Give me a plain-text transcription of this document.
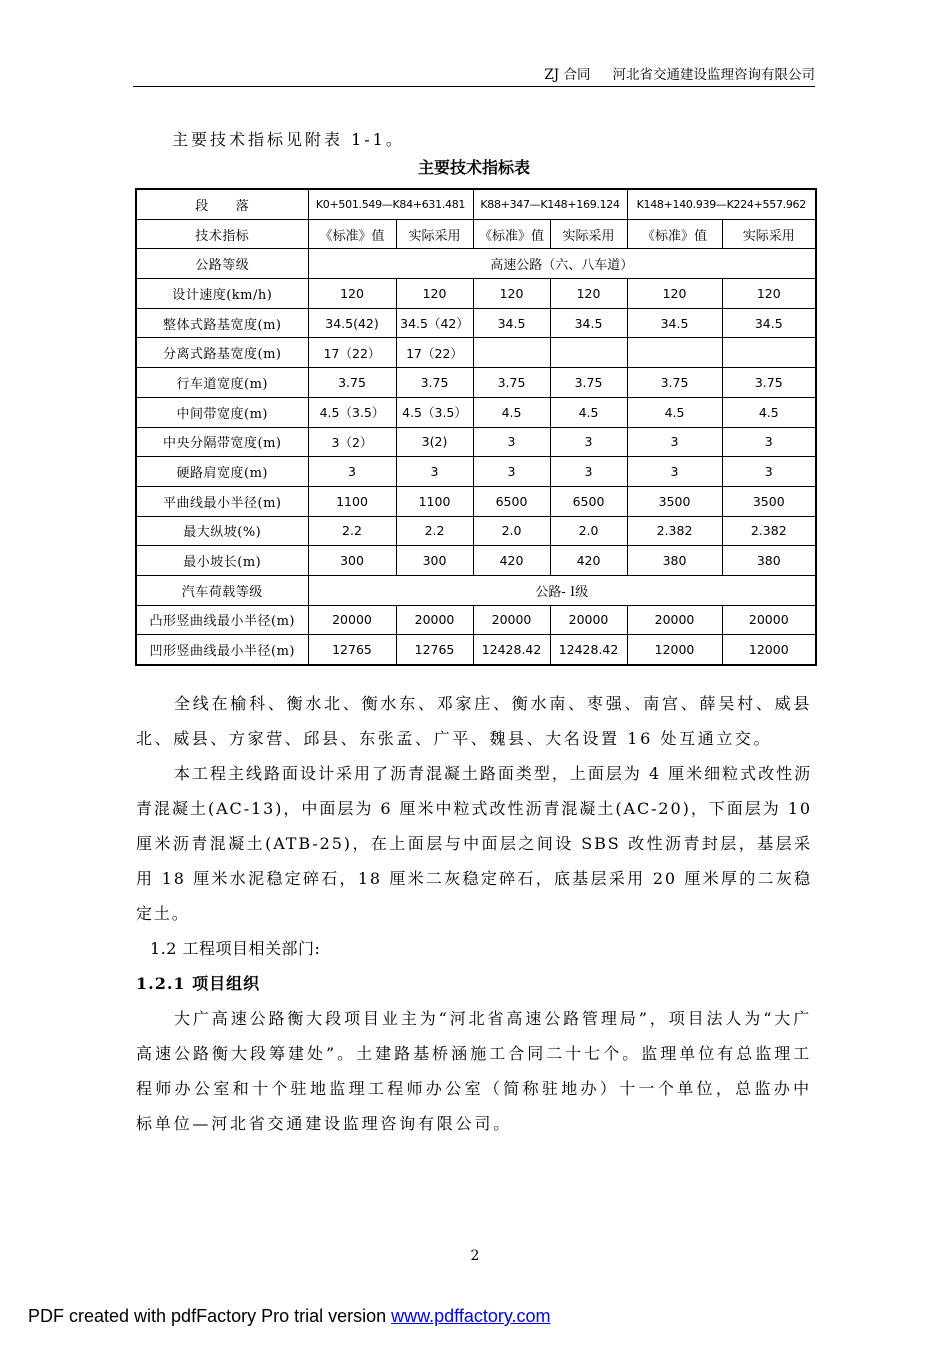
ZJ 合同 河北省交通建设监理咨询有限公司
主要技术指标见附表 1-1。
主要技术指标表
段　　落	K0+501.549—K84+631.481		K88+347—K148+169.124		K148+140.939—K224+557.962	
技术指标	《标准》值	实际采用	《标准》值	实际采用	《标准》值	实际采用
公路等级	高速公路（六、八车道）					
设计速度(km/h)	120	120	120	120	120	120
整体式路基宽度(m)	34.5(42)	34.5（42）	34.5	34.5	34.5	34.5
分离式路基宽度(m)	17（22）	17（22）				
行车道宽度(m)	3.75	3.75	3.75	3.75	3.75	3.75
中间带宽度(m)	4.5（3.5）	4.5（3.5）	4.5	4.5	4.5	4.5
中央分隔带宽度(m)	3（2）	3(2)	3	3	3	3
硬路肩宽度(m)	3	3	3	3	3	3
平曲线最小半径(m)	1100	1100	6500	6500	3500	3500
最大纵坡(%)	2.2	2.2	2.0	2.0	2.382	2.382
最小坡长(m)	300	300	420	420	380	380
汽车荷载等级	公路- Ⅰ级					
凸形竖曲线最小半径(m)	20000	20000	20000	20000	20000	20000
凹形竖曲线最小半径(m)	12765	12765	12428.42	12428.42	12000	12000

全线在榆科、衡水北、衡水东、邓家庄、衡水南、枣强、南宫、薛吴村、威县北、威县、方家营、邱县、东张孟、广平、魏县、大名设置 16 处互通立交。

本工程主线路面设计采用了沥青混凝土路面类型，上面层为 4 厘米细粒式改性沥青混凝土(AC-13)，中面层为 6 厘米中粒式改性沥青混凝土(AC-20)，下面层为 10 厘米沥青混凝土(ATB-25)，在上面层与中面层之间设 SBS 改性沥青封层，基层采用 18 厘米水泥稳定碎石，18 厘米二灰稳定碎石，底基层采用 20 厘米厚的二灰稳定土。

1.2 工程项目相关部门:
1.2.1 项目组织

大广高速公路衡大段项目业主为“河北省高速公路管理局”，项目法人为“大广高速公路衡大段筹建处”。土建路基桥涵施工合同二十七个。监理单位有总监理工程师办公室和十个驻地监理工程师办公室（简称驻地办）十一个单位，总监办中标单位—河北省交通建设监理咨询有限公司。

2
PDF created with pdfFactory Pro trial version www.pdffactory.com
